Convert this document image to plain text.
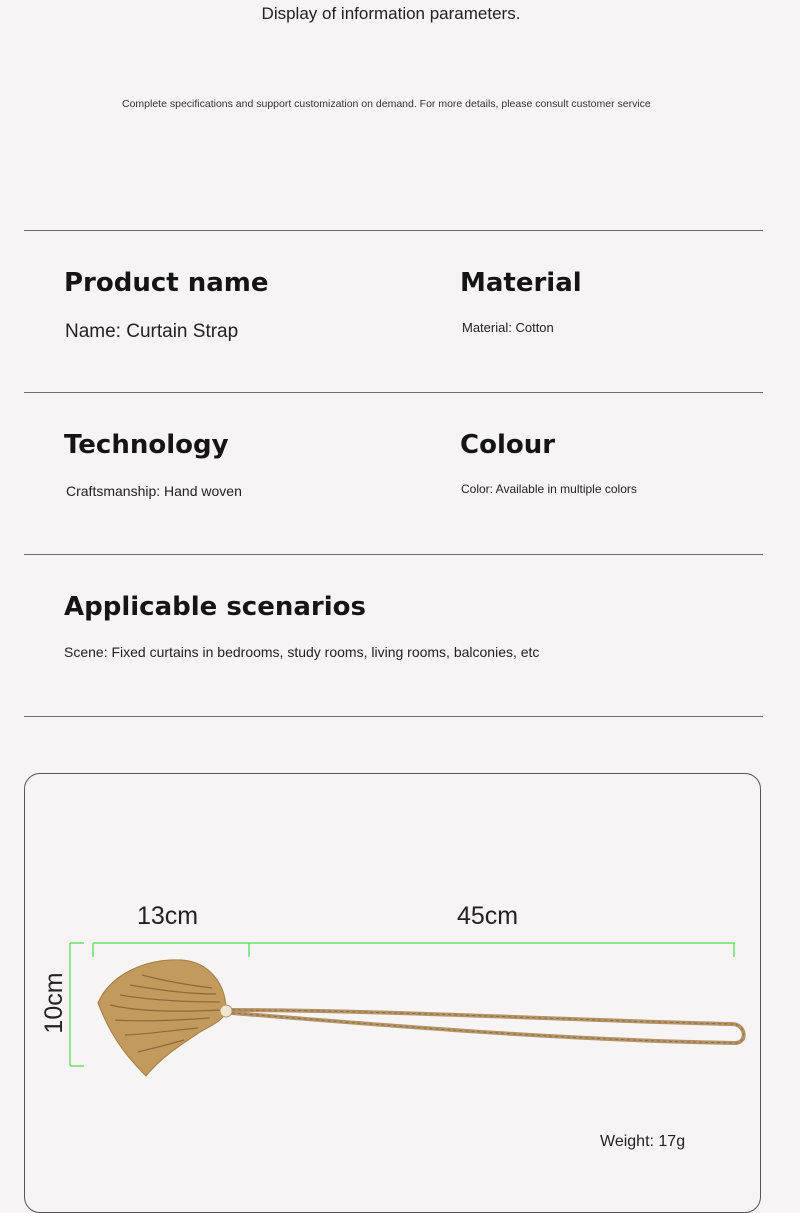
Display of information parameters.
Complete specifications and support customization on demand. For more details, please consult customer service
Product name
Name: Curtain Strap
Material
Material: Cotton
Technology
Craftsmanship: Hand woven
Colour
Color: Available in multiple colors
Applicable scenarios
Scene: Fixed curtains in bedrooms, study rooms, living rooms, balconies, etc
13cm	45cm
10cm
Weight: 17g
